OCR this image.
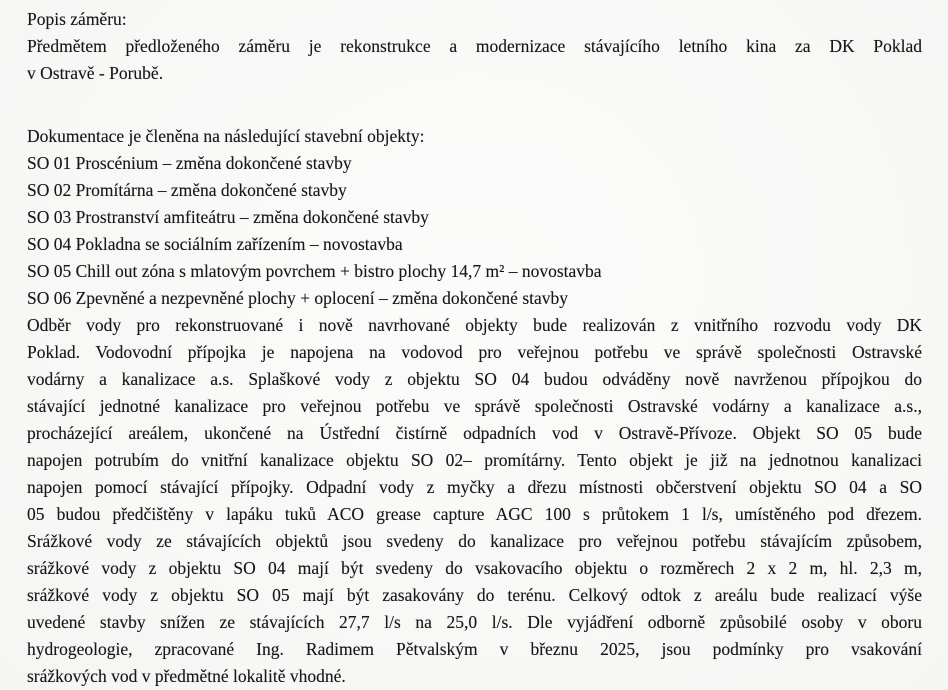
Popis záměru:
Předmětem předloženého záměru je rekonstrukce a modernizace stávajícího letního kina za DK Poklad
v Ostravě - Porubě.
Dokumentace je členěna na následující stavební objekty:
SO 01 Proscénium – změna dokončené stavby
SO 02 Promítárna – změna dokončené stavby
SO 03 Prostranství amfiteátru – změna dokončené stavby
SO 04 Pokladna se sociálním zařízením – novostavba
SO 05 Chill out zóna s mlatovým povrchem + bistro plochy 14,7 m² – novostavba
SO 06 Zpevněné a nezpevněné plochy + oplocení – změna dokončené stavby
Odběr vody pro rekonstruované i nově navrhované objekty bude realizován z vnitřního rozvodu vody DK
Poklad. Vodovodní přípojka je napojena na vodovod pro veřejnou potřebu ve správě společnosti Ostravské
vodárny a kanalizace a.s. Splaškové vody z objektu SO 04 budou odváděny nově navrženou přípojkou do
stávající jednotné kanalizace pro veřejnou potřebu ve správě společnosti Ostravské vodárny a kanalizace a.s.,
procházející areálem, ukončené na Ústřední čistírně odpadních vod v Ostravě-Přívoze. Objekt SO 05 bude
napojen potrubím do vnitřní kanalizace objektu SO 02– promítárny. Tento objekt je již na jednotnou kanalizaci
napojen pomocí stávající přípojky. Odpadní vody z myčky a dřezu místnosti občerstvení objektu SO 04 a SO
05 budou předčištěny v lapáku tuků ACO grease capture AGC 100 s průtokem 1 l/s, umístěného pod dřezem.
Srážkové vody ze stávajících objektů jsou svedeny do kanalizace pro veřejnou potřebu stávajícím způsobem,
srážkové vody z objektu SO 04 mají být svedeny do vsakovacího objektu o rozměrech 2 x 2 m, hl. 2,3 m,
srážkové vody z objektu SO 05 mají být zasakovány do terénu. Celkový odtok z areálu bude realizací výše
uvedené stavby snížen ze stávajících 27,7 l/s na 25,0 l/s. Dle vyjádření odborně způsobilé osoby v oboru
hydrogeologie, zpracované Ing. Radimem Pětvalským v březnu 2025, jsou podmínky pro vsakování
srážkových vod v předmětné lokalitě vhodné.
